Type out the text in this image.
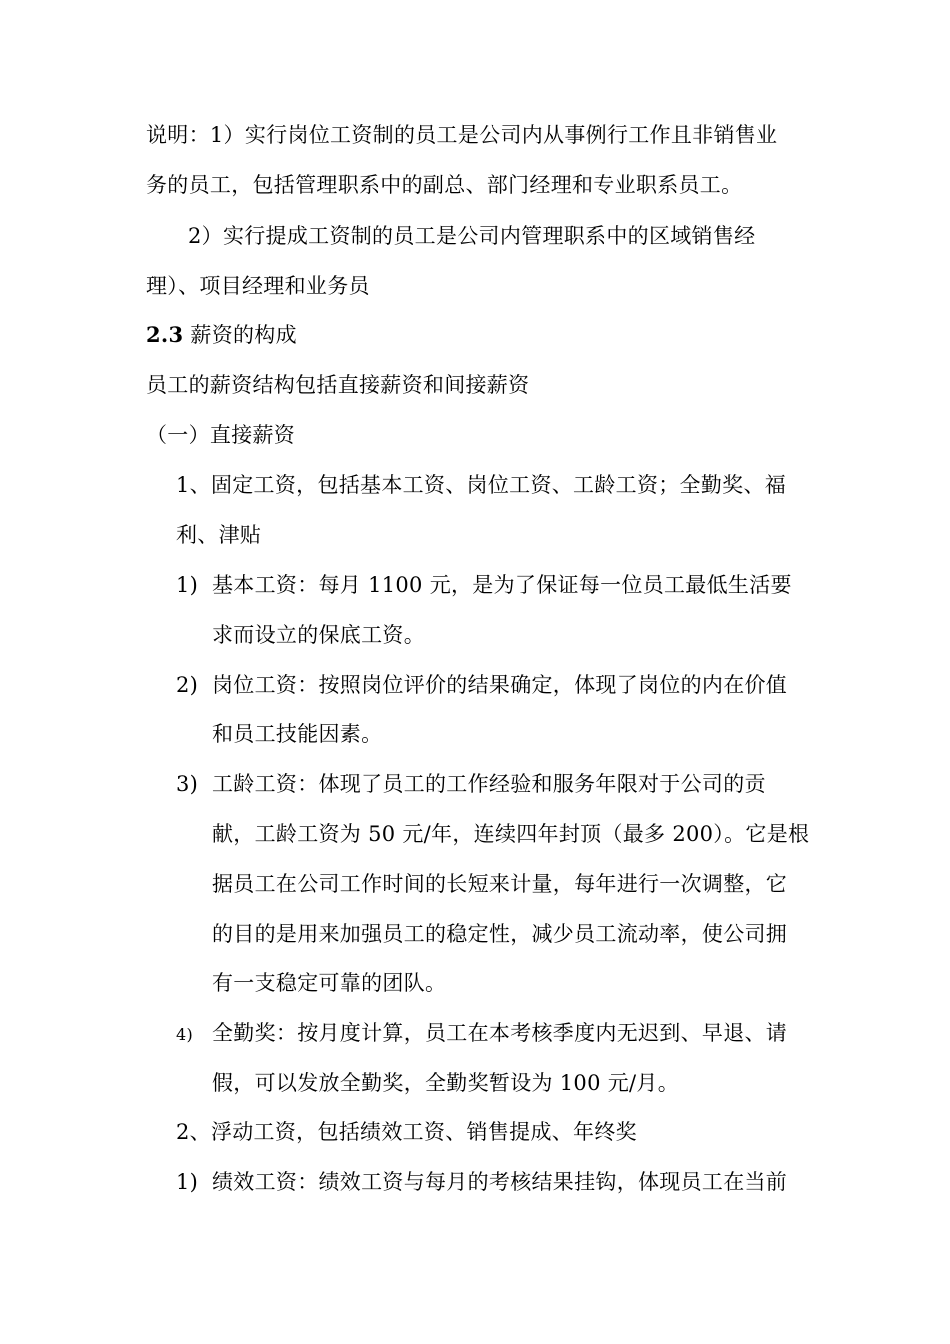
说明：1）实行岗位工资制的员工是公司内从事例行工作且非销售业
务的员工，包括管理职系中的副总、部门经理和专业职系员工。
2）实行提成工资制的员工是公司内管理职系中的区域销售经
理）、项目经理和业务员
2.3 薪资的构成
员工的薪资结构包括直接薪资和间接薪资
（一）直接薪资
1、固定工资，包括基本工资、岗位工资、工龄工资；全勤奖、福
利、津贴
1) 基本工资：每月 1100 元，是为了保证每一位员工最低生活要
求而设立的保底工资。
2) 岗位工资：按照岗位评价的结果确定，体现了岗位的内在价值
和员工技能因素。
3) 工龄工资：体现了员工的工作经验和服务年限对于公司的贡
献，工龄工资为 50 元/年，连续四年封顶（最多 200）。它是根
据员工在公司工作时间的长短来计量，每年进行一次调整，它
的目的是用来加强员工的稳定性，减少员工流动率，使公司拥
有一支稳定可靠的团队。
4) 全勤奖：按月度计算，员工在本考核季度内无迟到、早退、请
假，可以发放全勤奖，全勤奖暂设为 100 元/月。
2、浮动工资，包括绩效工资、销售提成、年终奖
1) 绩效工资：绩效工资与每月的考核结果挂钩，体现员工在当前
